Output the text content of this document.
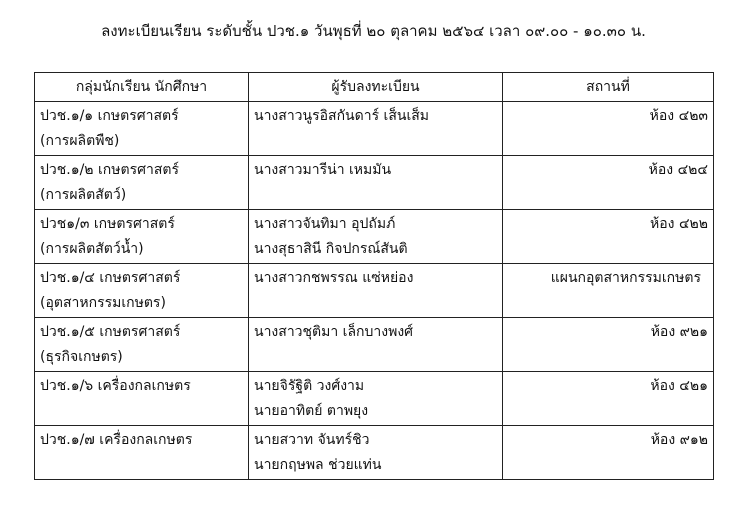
ลงทะเบียนเรียน ระดับชั้น ปวช.๑ วันพุธที่ ๒๐ ตุลาคม ๒๕๖๔ เวลา ๐๙.๐๐ - ๑๐.๓๐ น.
กลุ่มนักเรียน นักศึกษา	ผู้รับลงทะเบียน	สถานที่

ปวช.๑/๑ เกษตรศาสตร์
(การผลิตพืช)	นางสาวนูรอิสกันดาร์ เส็นเส็ม	ห้อง ๔๒๓

ปวช.๑/๒ เกษตรศาสตร์
(การผลิตสัตว์)	นางสาวมารีน่า เหมมัน	ห้อง ๔๒๔

ปวช๑/๓ เกษตรศาสตร์
(การผลิตสัตว์น้ำ)	นางสาวจันทิมา อุปถัมภ์
นางสุธาสินี กิจปกรณ์สันติ	ห้อง ๔๒๒

ปวช.๑/๔ เกษตรศาสตร์
(อุตสาหกรรมเกษตร)	นางสาวกชพรรณ แซ่หย่อง	แผนกอุตสาหกรรมเกษตร

ปวช.๑/๕ เกษตรศาสตร์
(ธุรกิจเกษตร)	นางสาวชุติมา เล็กบางพงศ์	ห้อง ๙๒๑

ปวช.๑/๖ เครื่องกลเกษตร	นายจิรัฐิติ วงศ์งาม
นายอาทิตย์ ตาพยุง	ห้อง ๔๒๑

ปวช.๑/๗ เครื่องกลเกษตร	นายสวาท จันทร์ชิว
นายกฤษพล ช่วยแท่น	ห้อง ๙๑๒
